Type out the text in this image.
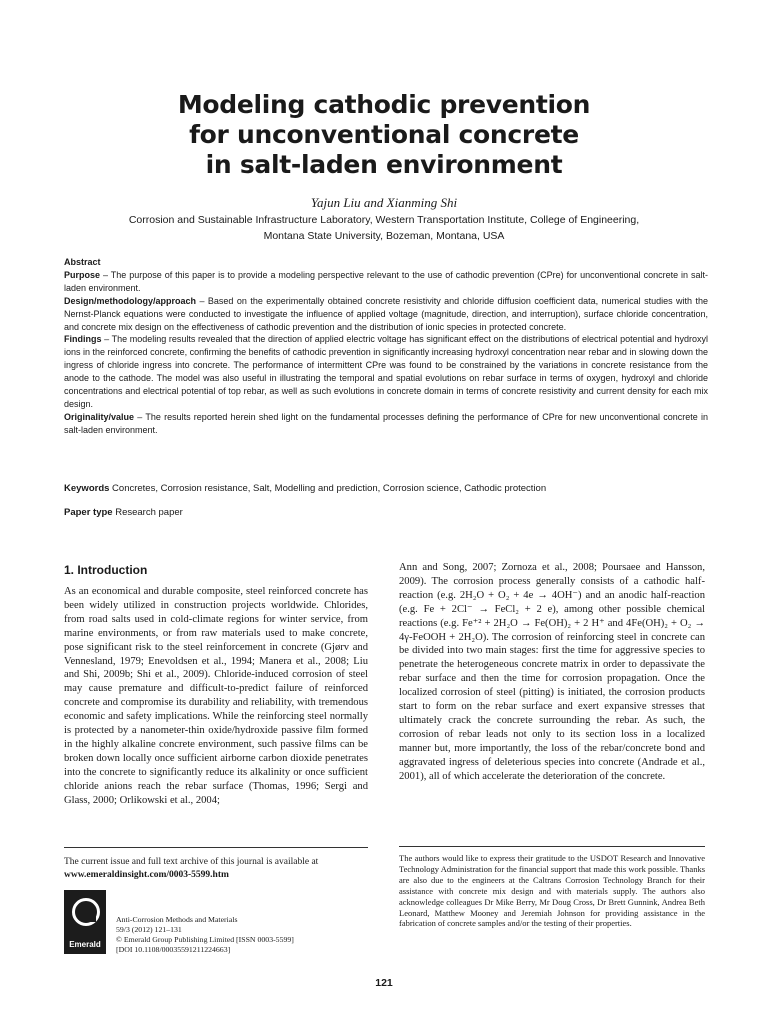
Modeling cathodic prevention
for unconventional concrete
in salt-laden environment
Yajun Liu and Xianming Shi
Corrosion and Sustainable Infrastructure Laboratory, Western Transportation Institute, College of Engineering,
Montana State University, Bozeman, Montana, USA

Abstract

Purpose – The purpose of this paper is to provide a modeling perspective relevant to the use of cathodic prevention (CPre) for unconventional concrete in salt-laden environment.

Design/methodology/approach – Based on the experimentally obtained concrete resistivity and chloride diffusion coefficient data, numerical studies with the Nernst-Planck equations were conducted to investigate the influence of applied voltage (magnitude, direction, and interruption), surface chloride concentration, and concrete mix design on the effectiveness of cathodic prevention and the distribution of ionic species in protected concrete.

Findings – The modeling results revealed that the direction of applied electric voltage has significant effect on the distributions of electrical potential and hydroxyl ions in the reinforced concrete, confirming the benefits of cathodic prevention in significantly increasing hydroxyl concentration near rebar and in slowing down the ingress of chloride ingress into concrete. The performance of intermittent CPre was found to be constrained by the variations in concrete resistance from the anode to the cathode. The model was also useful in illustrating the temporal and spatial evolutions on rebar surface in terms of oxygen, hydroxyl and chloride concentrations and electrical potential of top rebar, as well as such evolutions in concrete domain in terms of concrete resistivity and current density for each mix design.

Originality/value – The results reported herein shed light on the fundamental processes defining the performance of CPre for new unconventional concrete in salt-laden environment.

Keywords Concretes, Corrosion resistance, Salt, Modelling and prediction, Corrosion science, Cathodic protection
Paper type Research paper
1. Introduction

As an economical and durable composite, steel reinforced concrete has been widely utilized in construction projects worldwide. Chlorides, from road salts used in cold-climate regions for winter service, from marine environments, or from raw materials used to make concrete, pose significant risk to the steel reinforcement in concrete (Gjørv and Vennesland, 1979; Enevoldsen et al., 1994; Manera et al., 2008; Liu and Shi, 2009b; Shi et al., 2009). Chloride-induced corrosion of steel may cause premature and difficult-to-predict failure of reinforced concrete and compromise its durability and reliability, with tremendous economic and safety implications. While the reinforcing steel normally is protected by a nanometer-thin oxide/hydroxide passive film formed in the highly alkaline concrete environment, such passive films can be broken down locally once sufficient airborne carbon dioxide penetrates into the concrete to significantly reduce its alkalinity or once sufficient chloride anions reach the rebar surface (Thomas, 1996; Sergi and Glass, 2000; Orlikowski et al., 2004;

Ann and Song, 2007; Zornoza et al., 2008; Poursaee and Hansson, 2009). The corrosion process generally consists of a cathodic half-reaction (e.g. 2H₂O + O₂ + 4e → 4OH⁻) and an anodic half-reaction (e.g. Fe + 2Cl⁻ → FeCl₂ + 2 e), among other possible chemical reactions (e.g. Fe⁺² + 2H₂O → Fe(OH)₂ + 2 H⁺ and 4Fe(OH)₂ + O₂ → 4γ-FeOOH + 2H₂O). The corrosion of reinforcing steel in concrete can be divided into two main stages: first the time for aggressive species to penetrate the heterogeneous concrete matrix in order to depassivate the rebar surface and then the time for corrosion propagation. Once the localized corrosion of steel (pitting) is initiated, the corrosion products start to form on the rebar surface and exert expansive stresses that ultimately crack the concrete surrounding the rebar. As such, the corrosion of rebar leads not only to its section loss in a localized manner but, more importantly, the loss of the rebar/concrete bond and aggravated ingress of deleterious species into concrete (Andrade et al., 2001), all of which accelerate the deterioration of the concrete.

The current issue and full text archive of this journal is available at
www.emeraldinsight.com/0003-5599.htm
Emerald
Anti-Corrosion Methods and Materials
59/3 (2012) 121–131
© Emerald Group Publishing Limited [ISSN 0003-5599]
[DOI 10.1108/00035591211224663]
The authors would like to express their gratitude to the USDOT Research and Innovative Technology Administration for the financial support that made this work possible. Thanks are also due to the engineers at the Caltrans Corrosion Technology Branch for their assistance with concrete mix design and with materials supply. The authors also acknowledge colleagues Dr Mike Berry, Mr Doug Cross, Dr Brett Gunnink, Andrea Beth Leonard, Matthew Mooney and Jeremiah Johnson for providing assistance in the fabrication of concrete samples and/or the testing of their properties.
121
